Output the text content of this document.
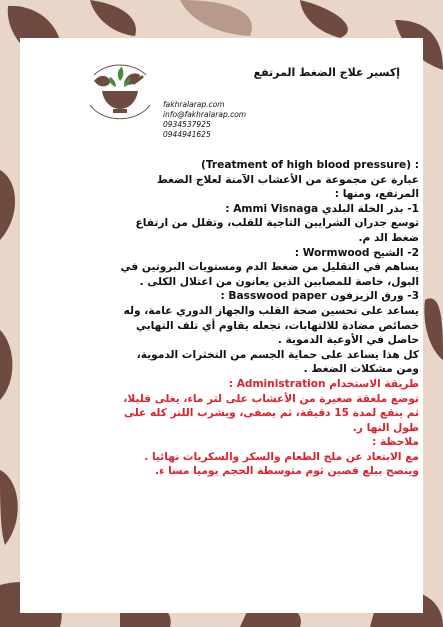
إكسير علاج الضغط المرتفع
fakhralarap.com
info@fakhralarap.com
0934537925
0944941625

(Treatment of high blood pressure) :

عبارة عن مجموعة من الأعشاب الآمنة لعلاج الضغط

المرتفع، ومنها :

1- بذر الخلة البلدي Ammi Visnaga :

توسع جدران الشرايين التاجية للقلب، وتقلل من ارتفاع

ضغط الد م.

2- الشيح Wormwood :

يساهم في التقليل من ضغط الدم ومستويات البروتين في

البول، خاصة للمصابين الذين يعانون من اعتلال الكلى .

3- ورق الزيزفون Basswood paper :

يساعد على تحسين صحة القلب والجهاز الدوري عامة، وله

خصائص مضادة للالتهابات، تجعله يقاوم أي تلف التهابي

حاصل في الأوعية الدموية .

كل هذا يساعد على حماية الجسم من التخثرات الدموية،

ومن مشكلات الضغط .

طريقة الاستخدام Administration :

توضع ملعقة صغيرة من الأعشاب على لتر ماء، يغلى قليلا،

ثم ينقع لمدة 15 دقيقة، ثم يصفى، ويشرب اللتر كله على

طول النها ر.

ملاحظة :

مع الابتعاد عن ملح الطعام والسكر والسكريات نهائيا .

وينصح ببلع فصين ثوم متوسطة الحجم يوميا مسا ء.
